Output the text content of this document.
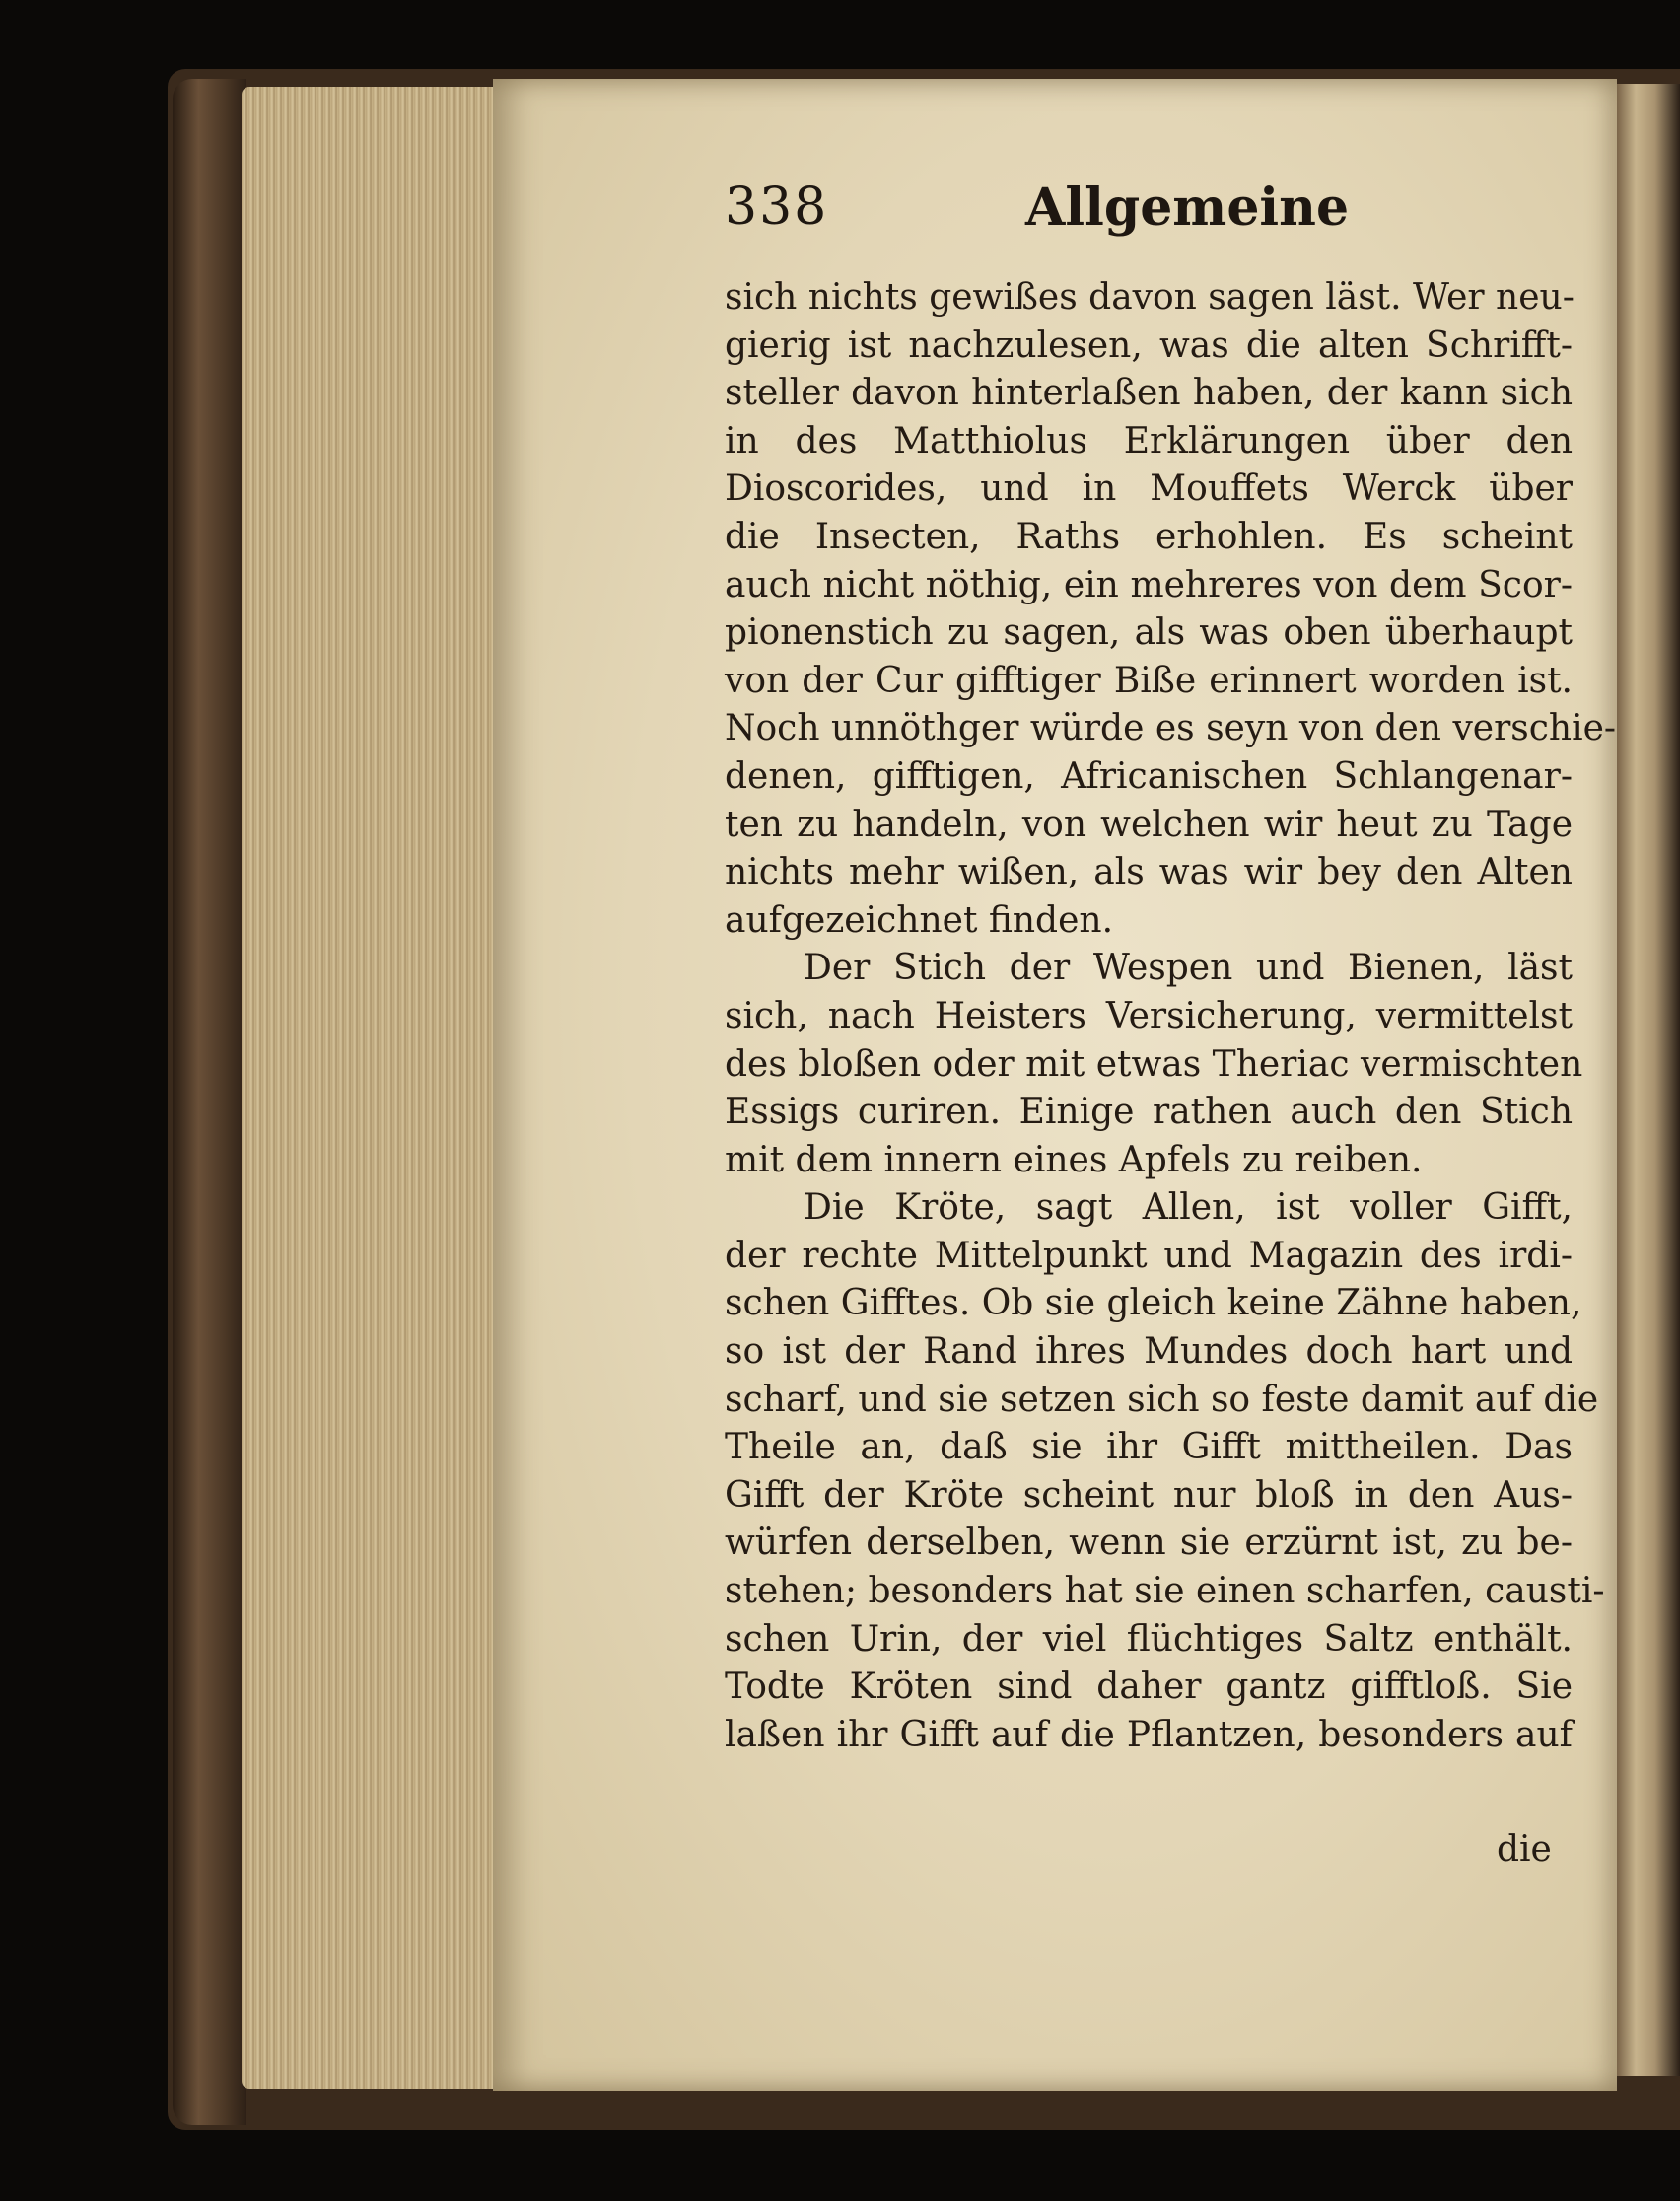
338	Allgemeine
sich nichts gewißes davon sagen läst. Wer neu-
gierig ist nachzulesen, was die alten Schrifft-
steller davon hinterlaßen haben, der kann sich
in des Matthiolus Erklärungen über den
Dioscorides, und in Mouffets Werck über
die Insecten, Raths erhohlen. Es scheint
auch nicht nöthig, ein mehreres von dem Scor-
pionenstich zu sagen, als was oben überhaupt
von der Cur gifftiger Biße erinnert worden ist.
Noch unnöthger würde es seyn von den verschie-
denen, gifftigen, Africanischen Schlangenar-
ten zu handeln, von welchen wir heut zu Tage
nichts mehr wißen, als was wir bey den Alten
aufgezeichnet finden.
Der Stich der Wespen und Bienen, läst
sich, nach Heisters Versicherung, vermittelst
des bloßen oder mit etwas Theriac vermischten
Essigs curiren. Einige rathen auch den Stich
mit dem innern eines Apfels zu reiben.
Die Kröte, sagt Allen, ist voller Gifft,
der rechte Mittelpunkt und Magazin des irdi-
schen Gifftes. Ob sie gleich keine Zähne haben,
so ist der Rand ihres Mundes doch hart und
scharf, und sie setzen sich so feste damit auf die
Theile an, daß sie ihr Gifft mittheilen. Das
Gifft der Kröte scheint nur bloß in den Aus-
würfen derselben, wenn sie erzürnt ist, zu be-
stehen; besonders hat sie einen scharfen, causti-
schen Urin, der viel flüchtiges Saltz enthält.
Todte Kröten sind daher gantz gifftloß. Sie
laßen ihr Gifft auf die Pflantzen, besonders auf
die
